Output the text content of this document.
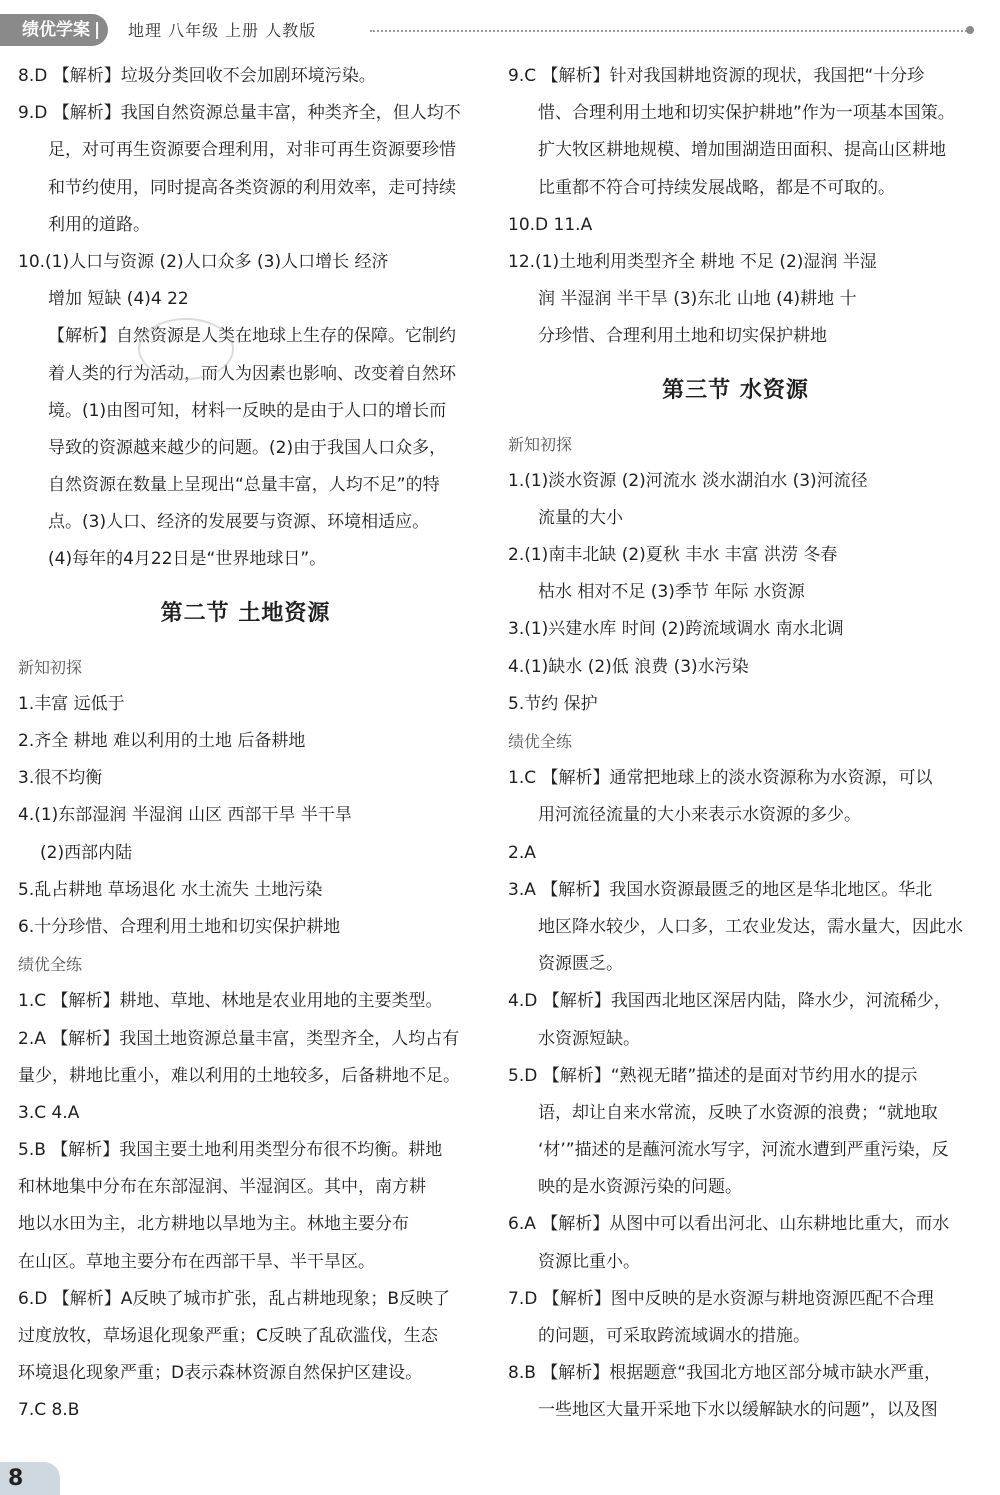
绩优学案 |	地理 八年级 上册 人教版
8.D 【解析】垃圾分类回收不会加剧环境污染。
9.D 【解析】我国自然资源总量丰富，种类齐全，但人均不
足，对可再生资源要合理利用，对非可再生资源要珍惜
和节约使用，同时提高各类资源的利用效率，走可持续
利用的道路。
10.(1)人口与资源 (2)人口众多 (3)人口增长 经济
增加 短缺 (4)4 22
【解析】自然资源是人类在地球上生存的保障。它制约
着人类的行为活动，而人为因素也影响、改变着自然环
境。(1)由图可知，材料一反映的是由于人口的增长而
导致的资源越来越少的问题。(2)由于我国人口众多，
自然资源在数量上呈现出“总量丰富，人均不足”的特
点。(3)人口、经济的发展要与资源、环境相适应。
(4)每年的4月22日是“世界地球日”。
第二节 土地资源
新知初探
1.丰富 远低于
2.齐全 耕地 难以利用的土地 后备耕地
3.很不均衡
4.(1)东部湿润 半湿润 山区 西部干旱 半干旱
(2)西部内陆
5.乱占耕地 草场退化 水土流失 土地污染
6.十分珍惜、合理利用土地和切实保护耕地
绩优全练
1.C 【解析】耕地、草地、林地是农业用地的主要类型。
2.A 【解析】我国土地资源总量丰富，类型齐全，人均占有
量少，耕地比重小，难以利用的土地较多，后备耕地不足。
3.C 4.A
5.B 【解析】我国主要土地利用类型分布很不均衡。耕地
和林地集中分布在东部湿润、半湿润区。其中，南方耕
地以水田为主，北方耕地以旱地为主。林地主要分布
在山区。草地主要分布在西部干旱、半干旱区。
6.D 【解析】A反映了城市扩张，乱占耕地现象；B反映了
过度放牧，草场退化现象严重；C反映了乱砍滥伐，生态
环境退化现象严重；D表示森林资源自然保护区建设。
7.C 8.B
9.C 【解析】针对我国耕地资源的现状，我国把“十分珍
惜、合理利用土地和切实保护耕地”作为一项基本国策。
扩大牧区耕地规模、增加围湖造田面积、提高山区耕地
比重都不符合可持续发展战略，都是不可取的。
10.D 11.A
12.(1)土地利用类型齐全 耕地 不足 (2)湿润 半湿
润 半湿润 半干旱 (3)东北 山地 (4)耕地 十
分珍惜、合理利用土地和切实保护耕地
第三节 水资源
新知初探
1.(1)淡水资源 (2)河流水 淡水湖泊水 (3)河流径
流量的大小
2.(1)南丰北缺 (2)夏秋 丰水 丰富 洪涝 冬春
枯水 相对不足 (3)季节 年际 水资源
3.(1)兴建水库 时间 (2)跨流域调水 南水北调
4.(1)缺水 (2)低 浪费 (3)水污染
5.节约 保护
绩优全练
1.C 【解析】通常把地球上的淡水资源称为水资源，可以
用河流径流量的大小来表示水资源的多少。
2.A
3.A 【解析】我国水资源最匮乏的地区是华北地区。华北
地区降水较少，人口多，工农业发达，需水量大，因此水
资源匮乏。
4.D 【解析】我国西北地区深居内陆，降水少，河流稀少，
水资源短缺。
5.D 【解析】“熟视无睹”描述的是面对节约用水的提示
语，却让自来水常流，反映了水资源的浪费；“就地取
‘材’”描述的是蘸河流水写字，河流水遭到严重污染，反
映的是水资源污染的问题。
6.A 【解析】从图中可以看出河北、山东耕地比重大，而水
资源比重小。
7.D 【解析】图中反映的是水资源与耕地资源匹配不合理
的问题，可采取跨流域调水的措施。
8.B 【解析】根据题意“我国北方地区部分城市缺水严重，
一些地区大量开采地下水以缓解缺水的问题”，以及图
8
